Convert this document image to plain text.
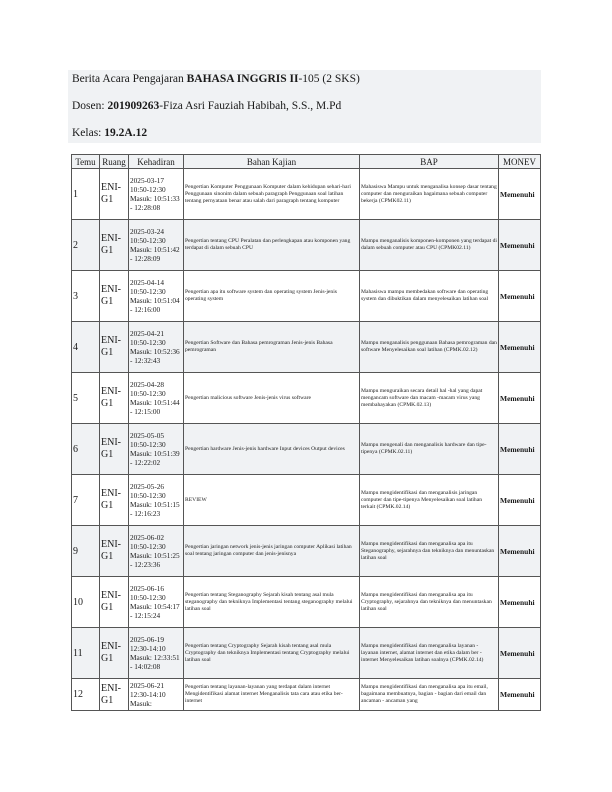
Berita Acara Pengajaran BAHASA INGGRIS II-105 (2 SKS)
Dosen: 201909263-Fiza Asri Fauziah Habibah, S.S., M.Pd
Kelas: 19.2A.12
Temu	Ruang	Kehadiran	Bahan Kajian	BAP	MONEV
1	ENI-G1	2025-03-17 10:50-12:30 Masuk: 10:51:33 - 12:28:08	Pengertian Komputer Penggunaan Komputer dalam kehidupan sehari-hari Penggunaan sinonim dalam sebuah paragraph Penggunaan soal latihan tentang pernyataan benar atau salah dari paragraph tentang komputer	Mahasiswa Mampu untuk menganalisa konsep dasar tentang computer dan menguraikan bagaimana sebuah computer bekerja (CPMK02.11)	Memenuhi
2	ENI-G1	2025-03-24 10:50-12:30 Masuk: 10:51:42 - 12:28:09	Pengertian tentang CPU Peralatan dan perlengkapan atau komponen yang terdapat di dalam sebuah CPU	Mampu menganalisis komponen-komponen yang terdapat di dalam sebuah computer atau CPU (CPMK02.11)	Memenuhi
3	ENI-G1	2025-04-14 10:50-12:30 Masuk: 10:51:04 - 12:16:00	Pengertian apa itu software system dan operating system Jenis-jenis operating system	Mahasiswa mampu membedakan software dan operating system dan dibuktikan dalam menyelesaikan latihan soal	Memenuhi
4	ENI-G1	2025-04-21 10:50-12:30 Masuk: 10:52:36 - 12:32:43	Pengertian Software dan Bahasa pemrograman Jenis-jenis Bahasa pemrograman	Mampu menganalisis penggunaan Bahasa pemrograman dan software Menyelesaikan soal latihan (CPMK.02.12)	Memenuhi
5	ENI-G1	2025-04-28 10:50-12:30 Masuk: 10:51:44 - 12:15:00	Pengertian malicious software Jenis-jenis virus software	Mampu menguraikan secara detail hal -hal yang dapat mengancam software dan macam -macam virus yang membahayakan (CPMK.02.13)	Memenuhi
6	ENI-G1	2025-05-05 10:50-12:30 Masuk: 10:51:39 - 12:22:02	Pengertian hardware Jenis-jenis hardware Input devices Output devices	Mampu mengenali dan menganalisis hardware dan tipe-tipenya (CPMK.02.11)	Memenuhi
7	ENI-G1	2025-05-26 10:50-12:30 Masuk: 10:51:15 - 12:16:23	REVIEW	Mampu mengidentifikasi dan menganalisis jaringan computer dan tipe-tipenya Menyelesaikan soal latihan terkait (CPMK.02.14)	Memenuhi
9	ENI-G1	2025-06-02 10:50-12:30 Masuk: 10:51:25 - 12:23:36	Pengertian jaringan network jenis-jenis jaringan computer Aplikasi latihan soal tentang jaringan computer dan jenis-jenisnya	Mampu mengidentifikasi dan menganalisa apa itu Steganography, sejarahnya dan tekniknya dan menuntaskan latihan soal	Memenuhi
10	ENI-G1	2025-06-16 10:50-12:30 Masuk: 10:54:17 - 12:15:24	Pengertian tentang Steganography Sejarah kisah tentang asal mula steganography dan tekniknya Implementasi tentang steganography melalui latihan soal	Mampu mengidentifikasi dan menganalisa apa itu Cryptography, sejarahnya dan tekniknya dan menuntaskan latihan soal	Memenuhi
11	ENI-G1	2025-06-19 12:30-14:10 Masuk: 12:33:51 - 14:02:08	Pengertian tentang Cryptography Sejarah kisah tentang asal mula Cryptography dan tekniknya Implementasi tentang Cryptography melalui latihan soal	Mampu mengidentifikasi dan menganalisa layanan - layanan internet, alamat internet dan etika dalam ber - internet Menyelesaikan latihan soalnya (CPMK.02.14)	Memenuhi
12	ENI-G1	2025-06-21 12:30-14:10 Masuk:	Pengertian tentang layanan-layanan yang terdapat dalam internet Mengidentifikasi alamat internet Menganalisis tata cara atau etika ber-internet	Mampu mengidentifikasi dan menganalisa apa itu email, bagaimana membuatnya, bagian - bagian dari email dan ancaman - ancaman yang	Memenuhi
